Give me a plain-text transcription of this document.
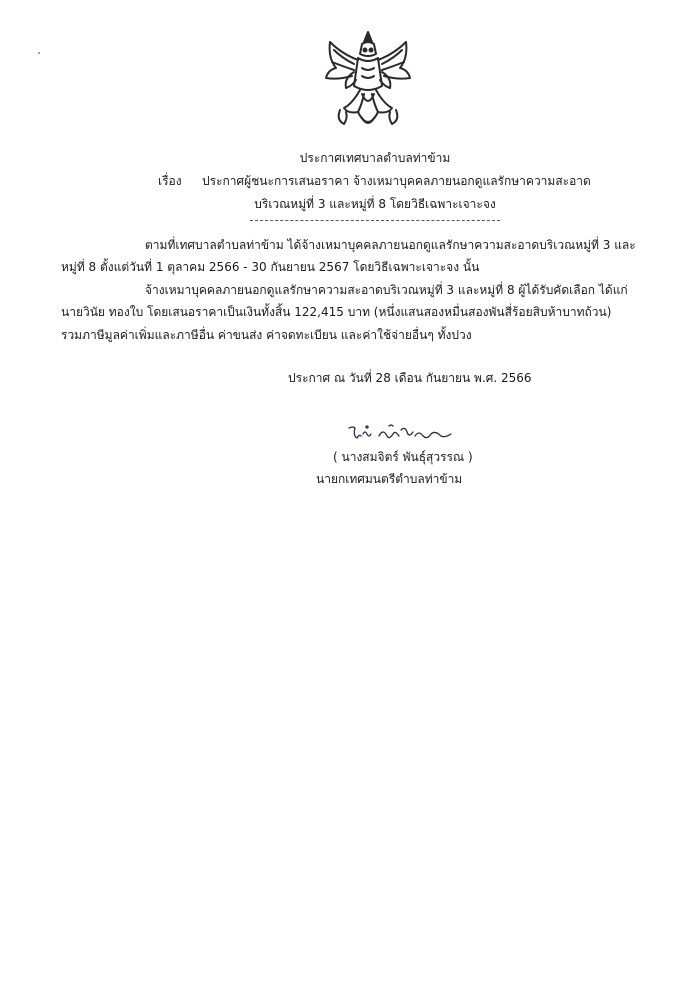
ประกาศเทศบาลตำบลท่าข้าม
เรื่อง ประกาศผู้ชนะการเสนอราคา จ้างเหมาบุคคลภายนอกดูแลรักษาความสะอาด
บริเวณหมู่ที่ 3 และหมู่ที่ 8 โดยวิธีเฉพาะเจาะจง
ตามที่เทศบาลตำบลท่าข้าม ได้จ้างเหมาบุคคลภายนอกดูแลรักษาความสะอาดบริเวณหมู่ที่ 3 และ
หมู่ที่ 8 ตั้งแต่วันที่ 1 ตุลาคม 2566 - 30 กันยายน 2567 โดยวิธีเฉพาะเจาะจง นั้น
จ้างเหมาบุคคลภายนอกดูแลรักษาความสะอาดบริเวณหมู่ที่ 3 และหมู่ที่ 8 ผู้ได้รับคัดเลือก ได้แก่
นายวินัย ทองใบ โดยเสนอราคาเป็นเงินทั้งสิ้น 122,415 บาท (หนึ่งแสนสองหมื่นสองพันสี่ร้อยสิบห้าบาทถ้วน)
รวมภาษีมูลค่าเพิ่มและภาษีอื่น ค่าขนส่ง ค่าจดทะเบียน และค่าใช้จ่ายอื่นๆ ทั้งปวง
ประกาศ ณ วันที่ 28 เดือน กันยายน พ.ศ. 2566
( นางสมจิตร์ พันธุ์สุวรรณ )
นายกเทศมนตรีตำบลท่าข้าม
